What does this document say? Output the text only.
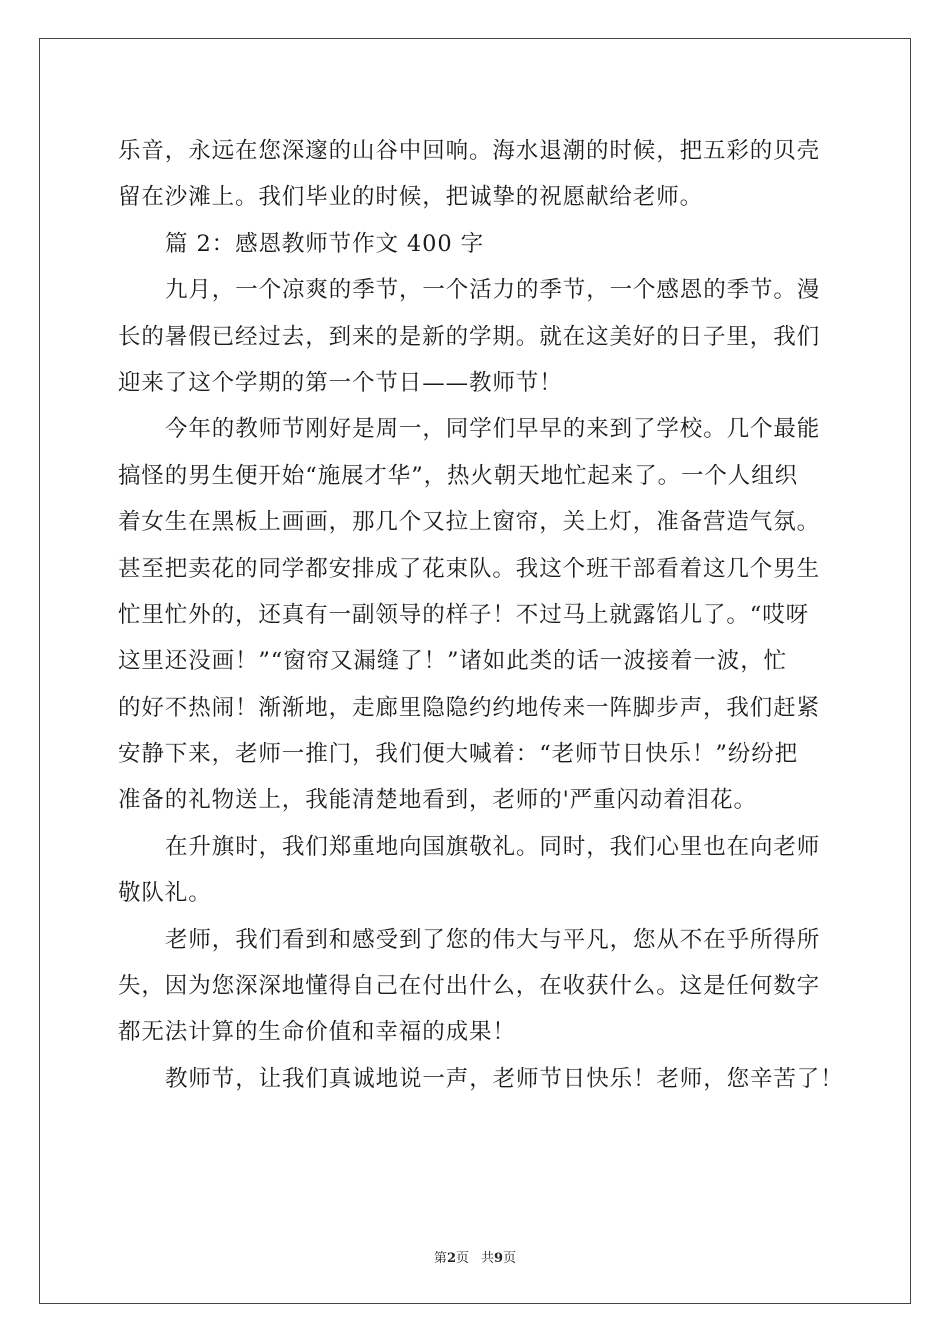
乐音，永远在您深邃的山谷中回响。海水退潮的时候，把五彩的贝壳
留在沙滩上。我们毕业的时候，把诚挚的祝愿献给老师。
篇 2：感恩教师节作文 400 字
九月，一个凉爽的季节，一个活力的季节，一个感恩的季节。漫
长的暑假已经过去，到来的是新的学期。就在这美好的日子里，我们
迎来了这个学期的第一个节日——教师节！
今年的教师节刚好是周一，同学们早早的来到了学校。几个最能
搞怪的男生便开始“施展才华”，热火朝天地忙起来了。一个人组织
着女生在黑板上画画，那几个又拉上窗帘，关上灯，准备营造气氛。
甚至把卖花的同学都安排成了花束队。我这个班干部看着这几个男生
忙里忙外的，还真有一副领导的样子！不过马上就露馅儿了。“哎呀
这里还没画！”“窗帘又漏缝了！”诸如此类的话一波接着一波，忙
的好不热闹！渐渐地，走廊里隐隐约约地传来一阵脚步声，我们赶紧
安静下来，老师一推门，我们便大喊着：“老师节日快乐！”纷纷把
准备的礼物送上，我能清楚地看到，老师的'严重闪动着泪花。
在升旗时，我们郑重地向国旗敬礼。同时，我们心里也在向老师
敬队礼。
老师，我们看到和感受到了您的伟大与平凡，您从不在乎所得所
失，因为您深深地懂得自己在付出什么，在收获什么。这是任何数字
都无法计算的生命价值和幸福的成果！
教师节，让我们真诚地说一声，老师节日快乐！老师，您辛苦了！
第2页 共9页
